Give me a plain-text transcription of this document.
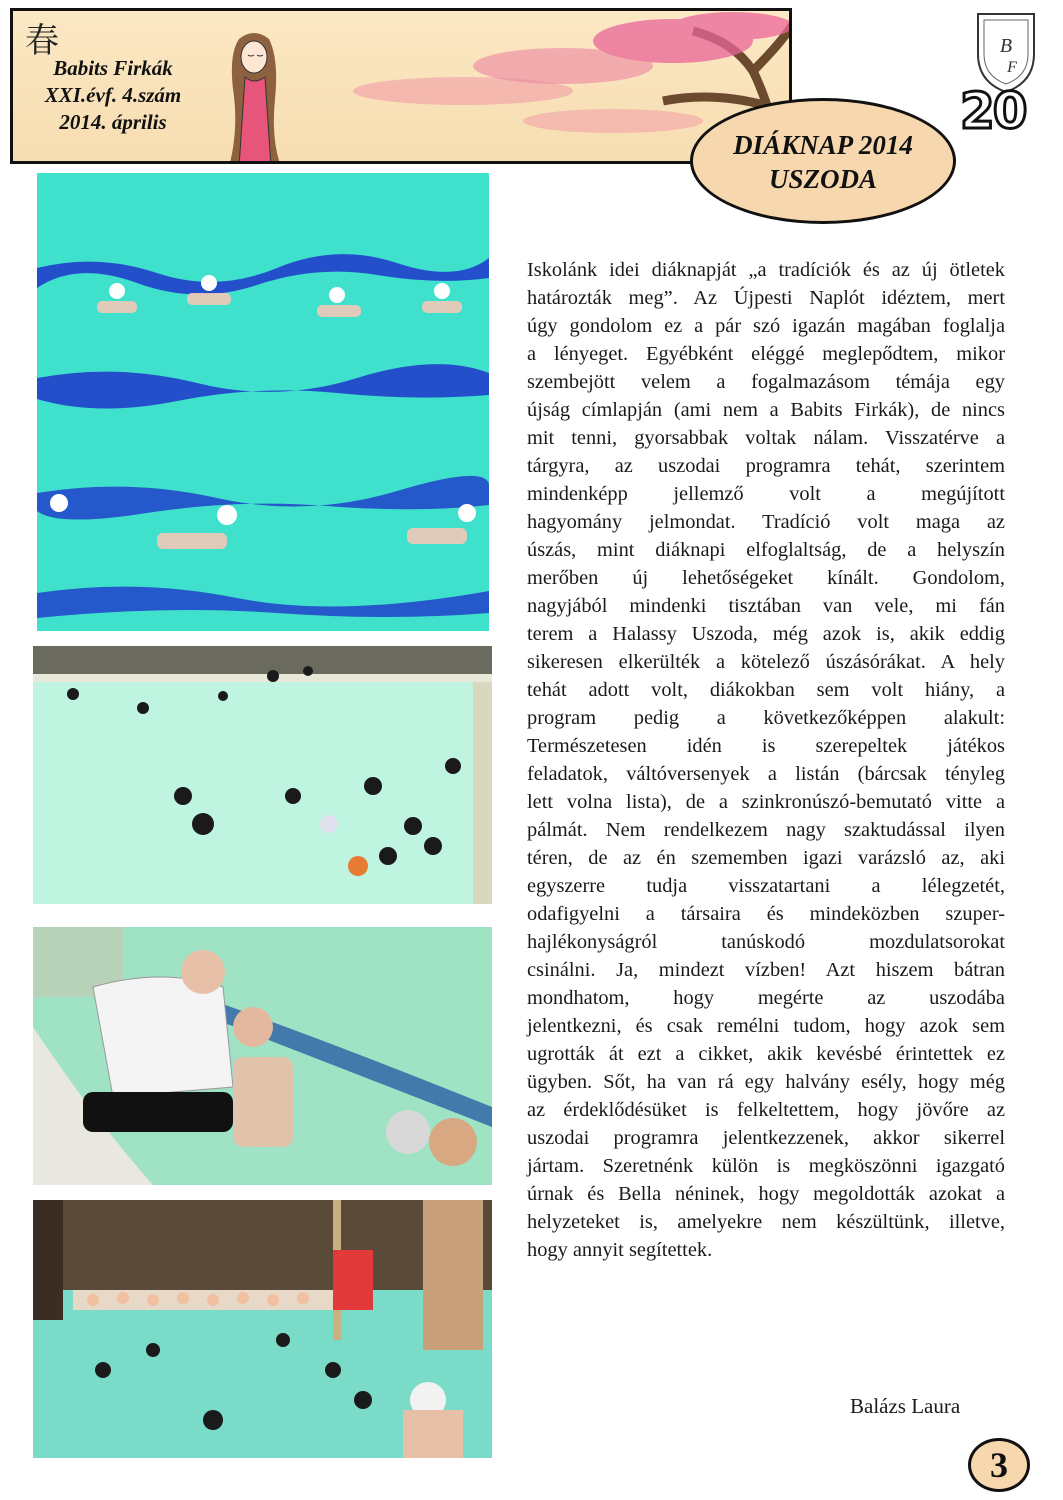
春
Babits Firkák
XXI.évf. 4.szám
2014. április
B
F
20
DIÁKNAP 2014
USZODA
Iskolánk idei diáknapját „a tradíciók és az új ötletek
határozták meg”. Az Újpesti Naplót idéztem, mert
úgy gondolom ez a pár szó igazán magában foglalja
a lényeget. Egyébként eléggé meglepődtem, mikor
szembejött velem a fogalmazásom témája egy
újság címlapján (ami nem a Babits Firkák), de nincs
mit tenni, gyorsabbak voltak nálam. Visszatérve a
tárgyra, az uszodai programra tehát, szerintem
mindenképp jellemző volt a megújított
hagyomány jelmondat. Tradíció volt maga az
úszás, mint diáknapi elfoglaltság, de a helyszín
merőben új lehetőségeket kínált. Gondolom,
nagyjából mindenki tisztában van vele, mi fán
terem a Halassy Uszoda, még azok is, akik eddig
sikeresen elkerülték a kötelező úszásórákat. A hely
tehát adott volt, diákokban sem volt hiány, a
program pedig a következőképpen alakult:
Természetesen idén is szerepeltek játékos
feladatok, váltóversenyek a listán (bárcsak tényleg
lett volna lista), de a szinkronúszó-bemutató vitte a
pálmát. Nem rendelkezem nagy szaktudással ilyen
téren, de az én szememben igazi varázsló az, aki
egyszerre tudja visszatartani a lélegzetét,
odafigyelni a társaira és mindeközben szuper-
hajlékonyságról tanúskodó mozdulatsorokat
csinálni. Ja, mindezt vízben! Azt hiszem bátran
mondhatom, hogy megérte az uszodába
jelentkezni, és csak remélni tudom, hogy azok sem
ugrották át ezt a cikket, akik kevésbé érintettek ez
ügyben. Sőt, ha van rá egy halvány esély, hogy még
az érdeklődésüket is felkeltettem, hogy jövőre az
uszodai programra jelentkezzenek, akkor sikerrel
jártam. Szeretnénk külön is megköszönni igazgató
úrnak és Bella néninek, hogy megoldották azokat a
helyzeteket is, amelyekre nem készültünk, illetve,
hogy annyit segítettek.
Balázs Laura
3
